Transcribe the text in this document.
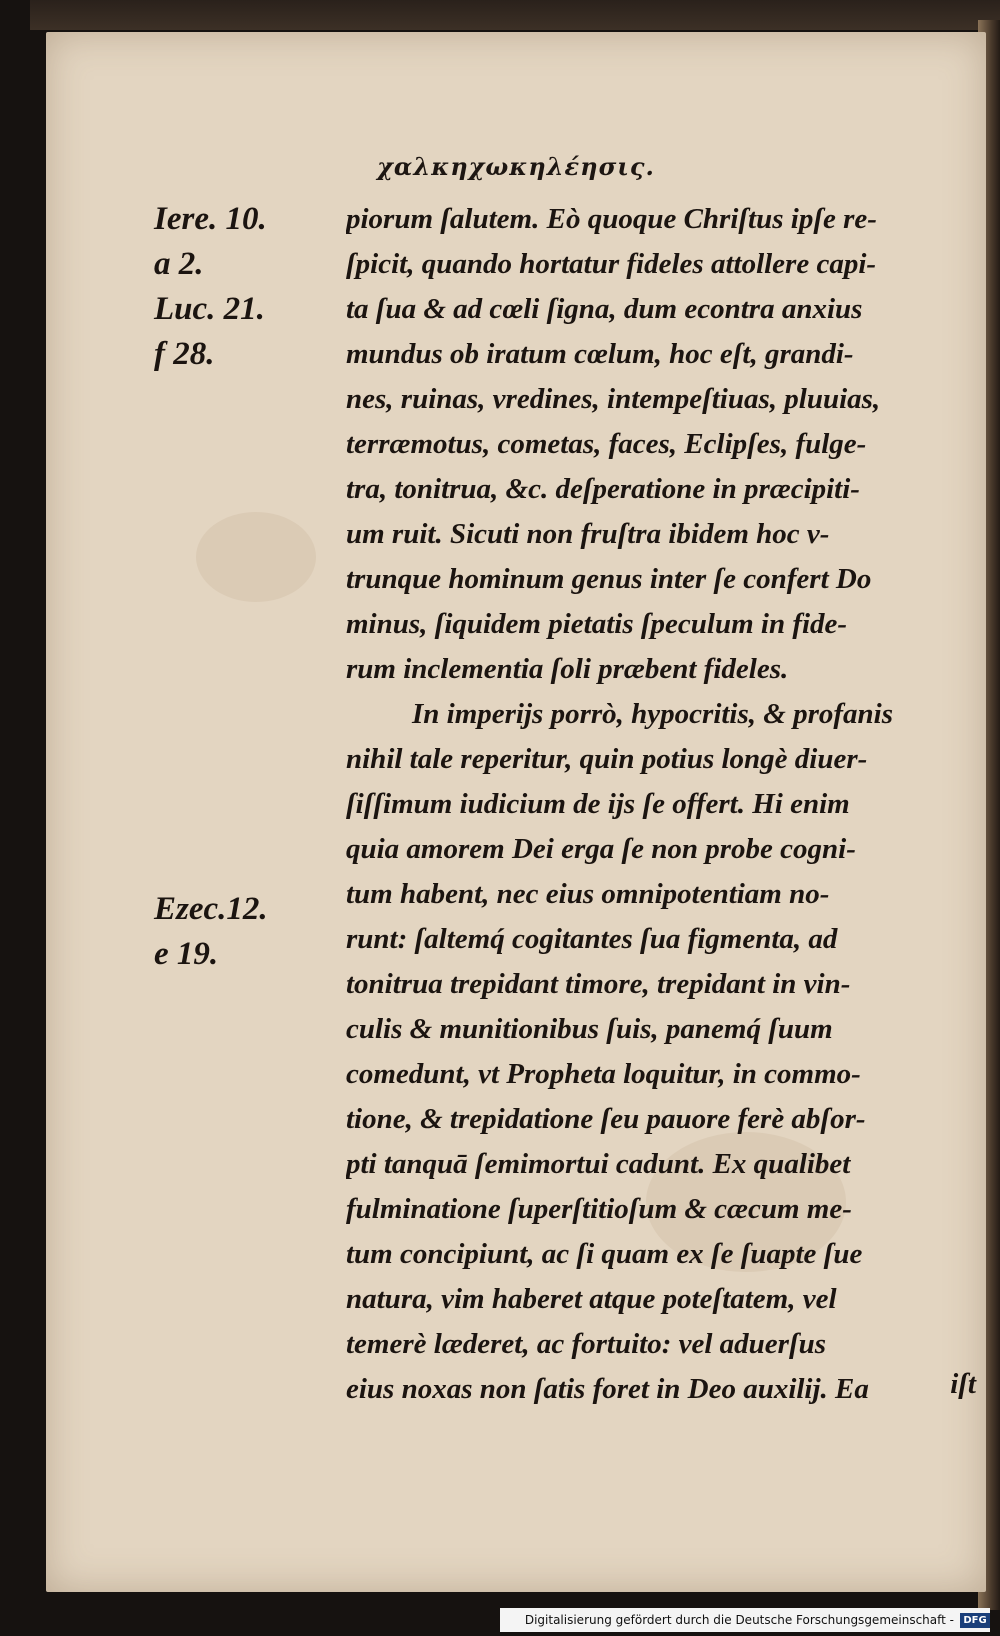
χαλκηχωκηλέησις.
Iere. 10.
a 2.
Luc. 21.
f 28.
Ezec.12.
e 19.
piorum ſalutem. Eò quoque Chriſtus ipſe re-
ſpicit, quando hortatur fideles attollere capi-
ta ſua & ad cœli ſigna, dum econtra anxius
mundus ob iratum cœlum, hoc eſt, grandi-
nes, ruinas, vredines, intempeſtiuas, pluuias,
terræmotus, cometas, faces, Eclipſes, fulge-
tra, tonitrua, &c. deſperatione in præcipiti-
um ruit. Sicuti non fruſtra ibidem hoc v-
trunque hominum genus inter ſe confert Do
minus, ſiquidem pietatis ſpeculum in fide-
rum inclementia ſoli præbent fideles.
In imperijs porrò, hypocritis, & profanis
nihil tale reperitur, quin potius longè diuer-
ſiſſimum iudicium de ijs ſe offert. Hi enim
quia amorem Dei erga ſe non probe cogni-
tum habent, nec eius omnipotentiam no-
runt: ſaltemq́ cogitantes ſua figmenta, ad
tonitrua trepidant timore, trepidant in vin-
culis & munitionibus ſuis, panemq́ ſuum
comedunt, vt Propheta loquitur, in commo-
tione, & trepidatione ſeu pauore ferè abſor-
pti tanquā ſemimortui cadunt. Ex qualibet
fulminatione ſuperſtitioſum & cæcum me-
tum concipiunt, ac ſi quam ex ſe ſuapte ſue
natura, vim haberet atque poteſtatem, vel
temerè læderet, ac fortuito: vel aduerſus
eius noxas non ſatis foret in Deo auxilij. Ea	iſt
Digitalisierung gefördert durch die Deutsche Forschungsgemeinschaft - DFG
